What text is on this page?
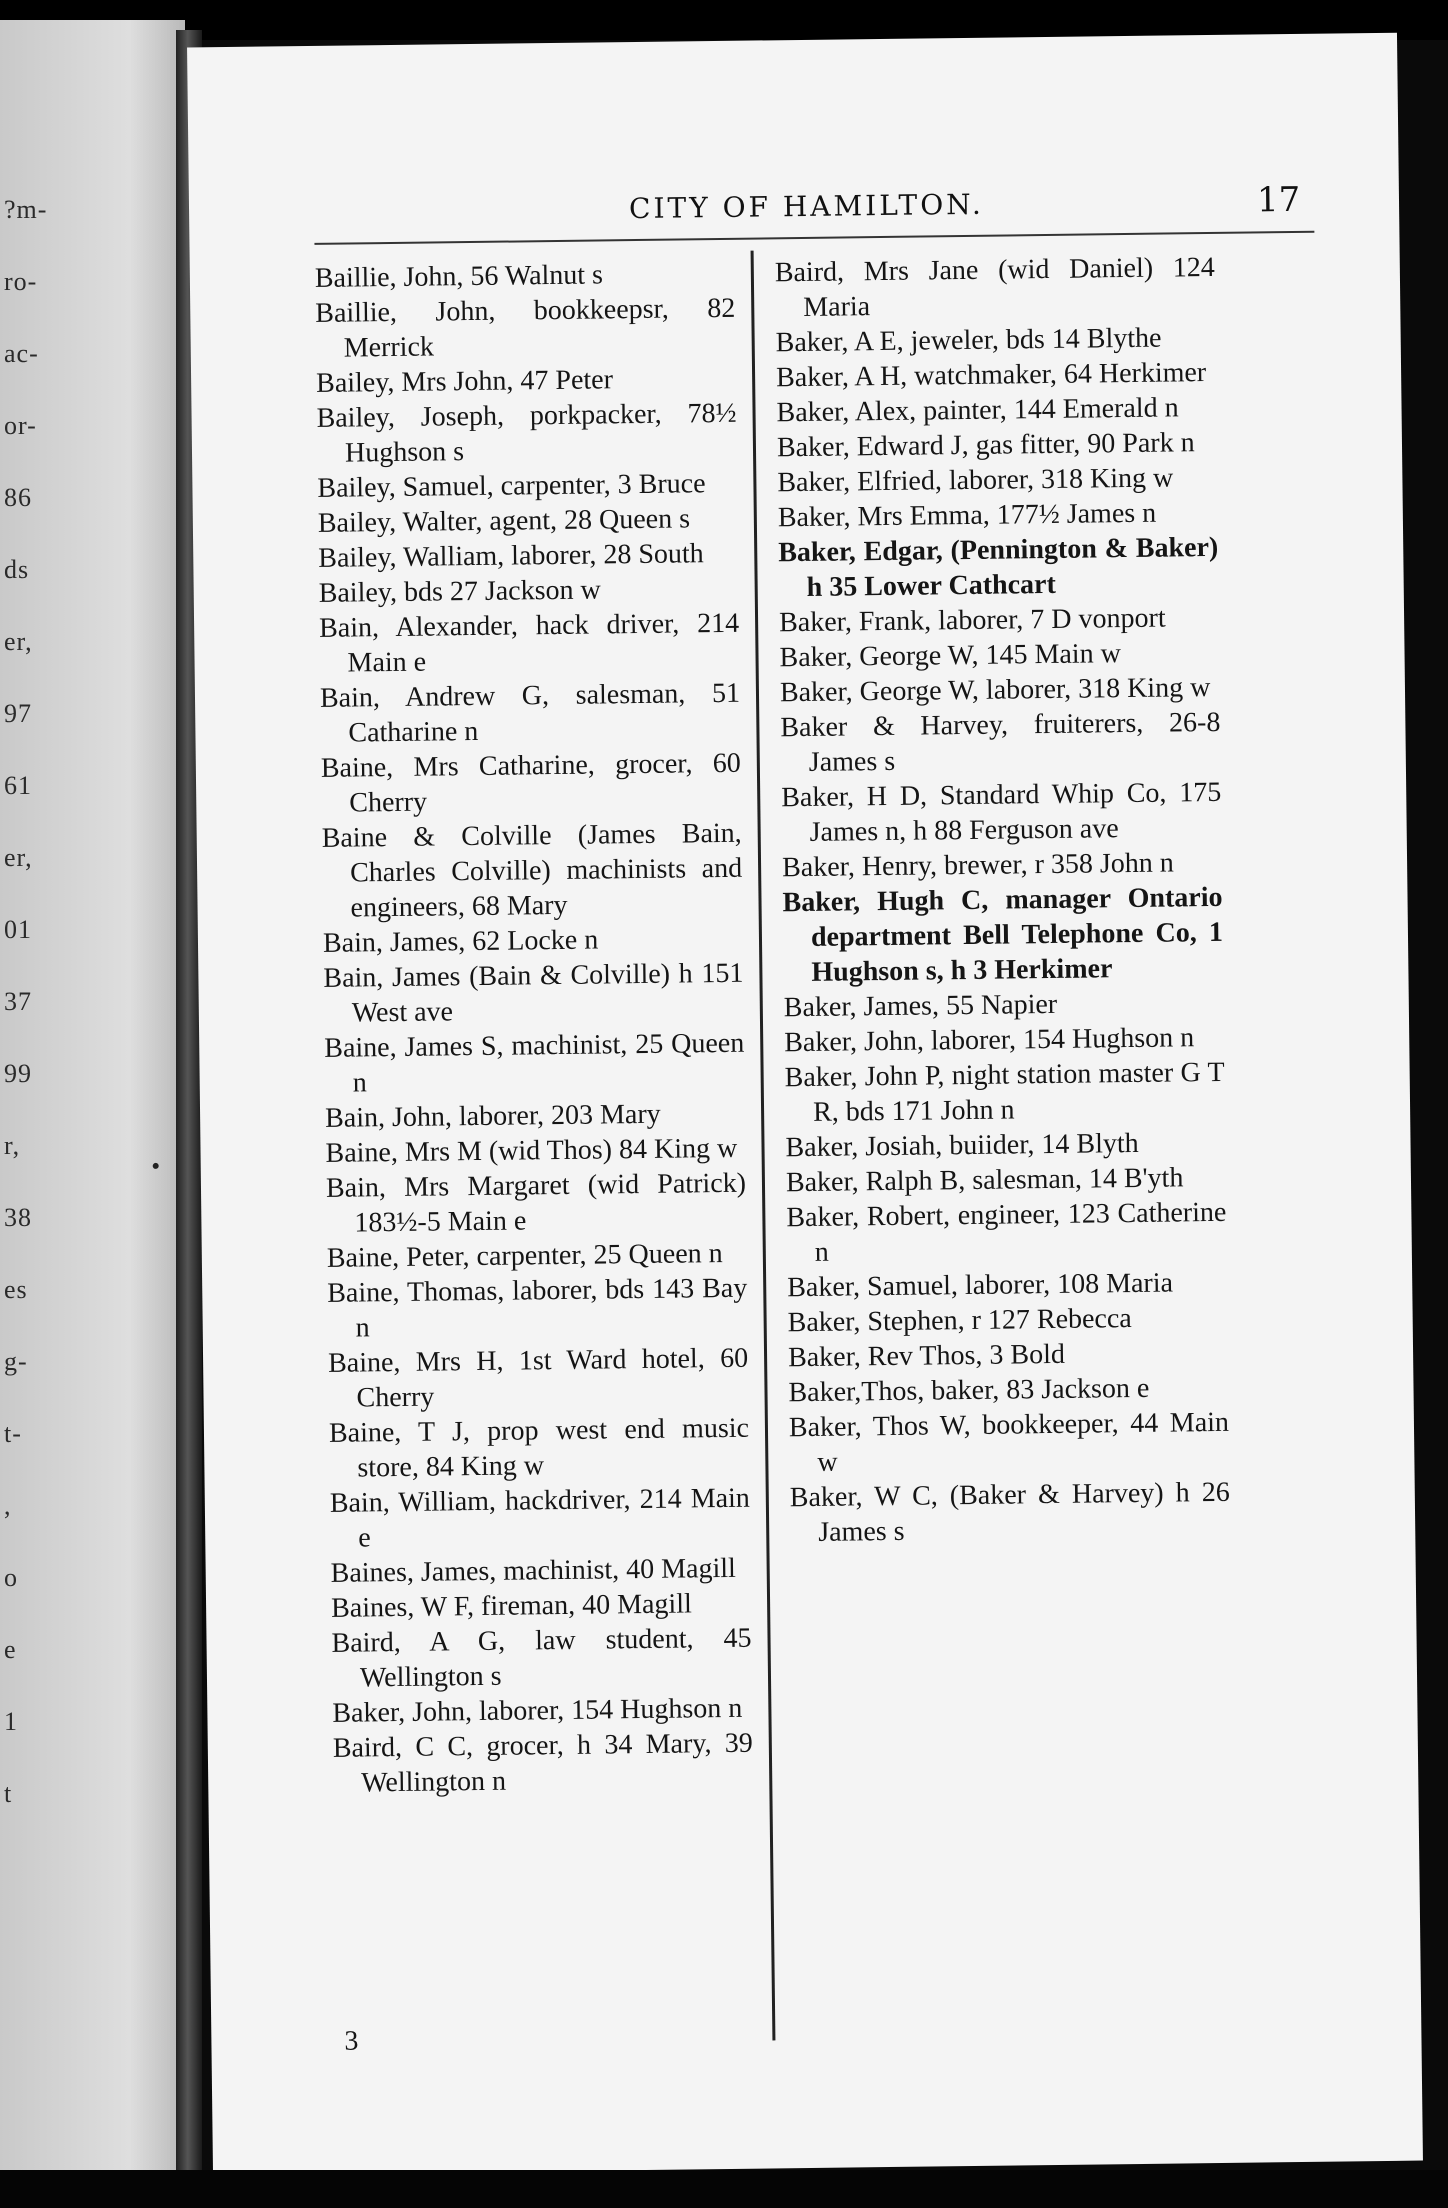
?m-
ro-
ac-
or-
86
ds
er,
97
61
er,
01
37
99
r,
38
es
g-
t-
,
o
e
1
t
CITY OF HAMILTON.	17
Baillie, John, 56 Walnut s
Baillie, John, bookkeepsr, 82 Merrick
Bailey, Mrs John, 47 Peter
Bailey, Joseph, porkpacker, 78½ Hughson s
Bailey, Samuel, carpenter, 3 Bruce
Bailey, Walter, agent, 28 Queen s
Bailey, Walliam, laborer, 28 South
Bailey, bds 27 Jackson w
Bain, Alexander, hack driver, 214 Main e
Bain, Andrew G, salesman, 51 Catharine n
Baine, Mrs Catharine, grocer, 60 Cherry
Baine & Colville (James Bain, Charles Colville) machinists and engineers, 68 Mary
Bain, James, 62 Locke n
Bain, James (Bain & Colville) h 151 West ave
Baine, James S, machinist, 25 Queen n
Bain, John, laborer, 203 Mary
Baine, Mrs M (wid Thos) 84 King w
Bain, Mrs Margaret (wid Patrick) 183½-5 Main e
Baine, Peter, carpenter, 25 Queen n
Baine, Thomas, laborer, bds 143 Bay n
Baine, Mrs H, 1st Ward hotel, 60 Cherry
Baine, T J, prop west end music store, 84 King w
Bain, William, hackdriver, 214 Main e
Baines, James, machinist, 40 Magill
Baines, W F, fireman, 40 Magill
Baird, A G, law student, 45 Wellington s
Baker, John, laborer, 154 Hughson n
Baird, C C, grocer, h 34 Mary, 39 Wellington n
Baird, Mrs Jane (wid Daniel) 124 Maria
Baker, A E, jeweler, bds 14 Blythe
Baker, A H, watchmaker, 64 Herkimer
Baker, Alex, painter, 144 Emerald n
Baker, Edward J, gas fitter, 90 Park n
Baker, Elfried, laborer, 318 King w
Baker, Mrs Emma, 177½ James n
Baker, Edgar, (Pennington & Baker) h 35 Lower Cathcart
Baker, Frank, laborer, 7 D vonport
Baker, George W, 145 Main w
Baker, George W, laborer, 318 King w
Baker & Harvey, fruiterers, 26-8 James s
Baker, H D, Standard Whip Co, 175 James n, h 88 Ferguson ave
Baker, Henry, brewer, r 358 John n
Baker, Hugh C, manager Ontario department Bell Telephone Co, 1 Hughson s, h 3 Herkimer
Baker, James, 55 Napier
Baker, John, laborer, 154 Hughson n
Baker, John P, night station master G T R, bds 171 John n
Baker, Josiah, buiider, 14 Blyth
Baker, Ralph B, salesman, 14 B'yth
Baker, Robert, engineer, 123 Catherine n
Baker, Samuel, laborer, 108 Maria
Baker, Stephen, r 127 Rebecca
Baker, Rev Thos, 3 Bold
Baker,Thos, baker, 83 Jackson e
Baker, Thos W, bookkeeper, 44 Main w
Baker, W C, (Baker & Harvey) h 26 James s
3
